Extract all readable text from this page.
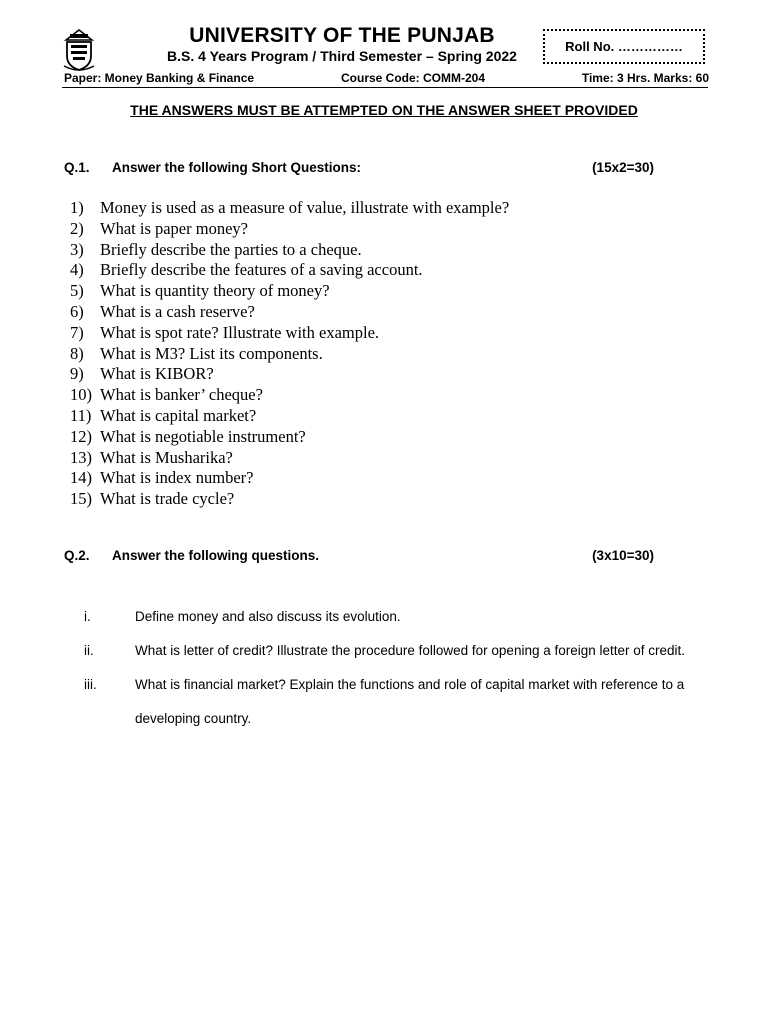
UNIVERSITY OF THE PUNJAB
B.S. 4 Years Program / Third Semester – Spring 2022
Roll No. ……………
Paper: Money Banking & Finance	Course Code: COMM-204	Time: 3 Hrs. Marks: 60
THE ANSWERS MUST BE ATTEMPTED ON THE ANSWER SHEET PROVIDED
Q.1. Answer the following Short Questions:	(15x2=30)
1) Money is used as a measure of value, illustrate with example?
2) What is paper money?
3) Briefly describe the parties to a cheque.
4) Briefly describe the features of a saving account.
5) What is quantity theory of money?
6) What is a cash reserve?
7) What is spot rate? Illustrate with example.
8) What is M3? List its components.
9) What is KIBOR?
10) What is banker’ cheque?
11) What is capital market?
12) What is negotiable instrument?
13) What is Musharika?
14) What is index number?
15) What is trade cycle?
Q.2. Answer the following questions.	(3x10=30)
i.	Define money and also discuss its evolution.
ii.	What is letter of credit? Illustrate the procedure followed for opening a foreign letter of credit.
iii.	What is financial market? Explain the functions and role of capital market with reference to a developing country.
